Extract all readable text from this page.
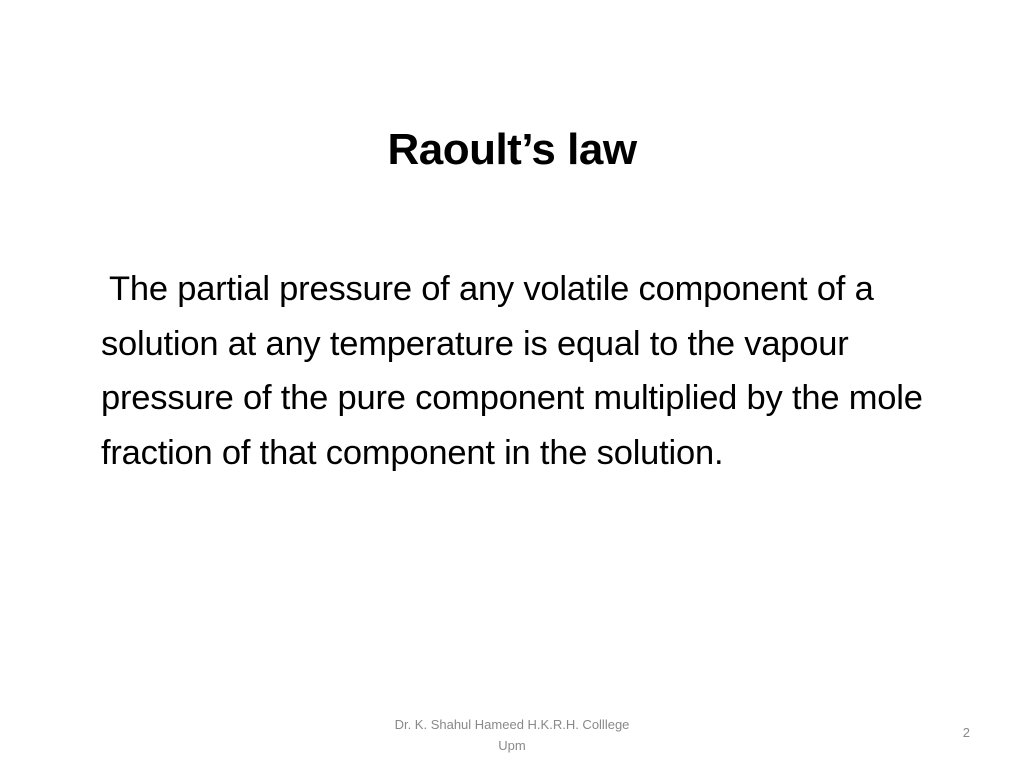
Raoult’s law
The partial pressure of any volatile component of a solution at any temperature is equal to the vapour pressure of the pure component multiplied by the mole fraction of that component in the solution.
Dr. K. Shahul Hameed H.K.R.H. Colllege
Upm
2
